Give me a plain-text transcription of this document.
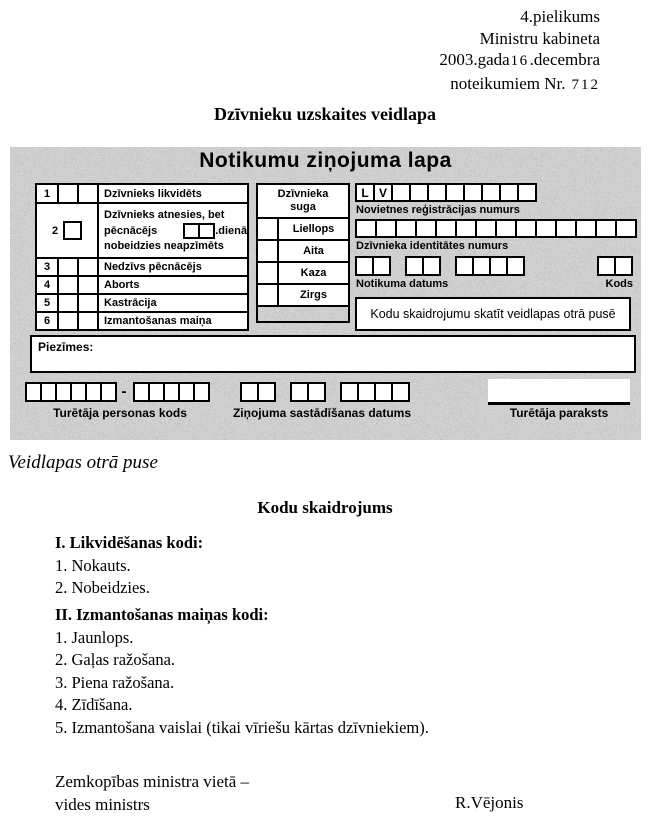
4.pielikums
Ministru kabineta
2003.gada16.decembra
noteikumiem Nr. 712
Dzīvnieku uzskaites veidlapa
Notikumu ziņojuma lapa
1	Dzīvnieks likvidēts
2
Dzīvnieks atnesies, bet
pēcnācējs	.dienā
nobeidzies neapzīmēts
3	Nedzīvs pēcnācējs
4	Aborts
5	Kastrācija
6	Izmantošanas maiņa
Dzīvnieka suga
Liellops
Aita
Kaza
Zirgs
L V
Novietnes reģistrācijas numurs
Dzīvnieka identitātes numurs
Notikuma datums	Kods
Kodu skaidrojumu skatīt veidlapas otrā pusē
Piezīmes:
-
Turētāja personas kods	Ziņojuma sastādīšanas datums	Turētāja paraksts
Veidlapas otrā puse
Kodu skaidrojums
I. Likvidēšanas kodi:
1. Nokauts.
2. Nobeidzies.
II. Izmantošanas maiņas kodi:
1. Jaunlops.
2. Gaļas ražošana.
3. Piena ražošana.
4. Zīdīšana.
5. Izmantošana vaislai (tikai vīriešu kārtas dzīvniekiem).
Zemkopības ministra vietā –
vides ministrs	R.Vējonis
